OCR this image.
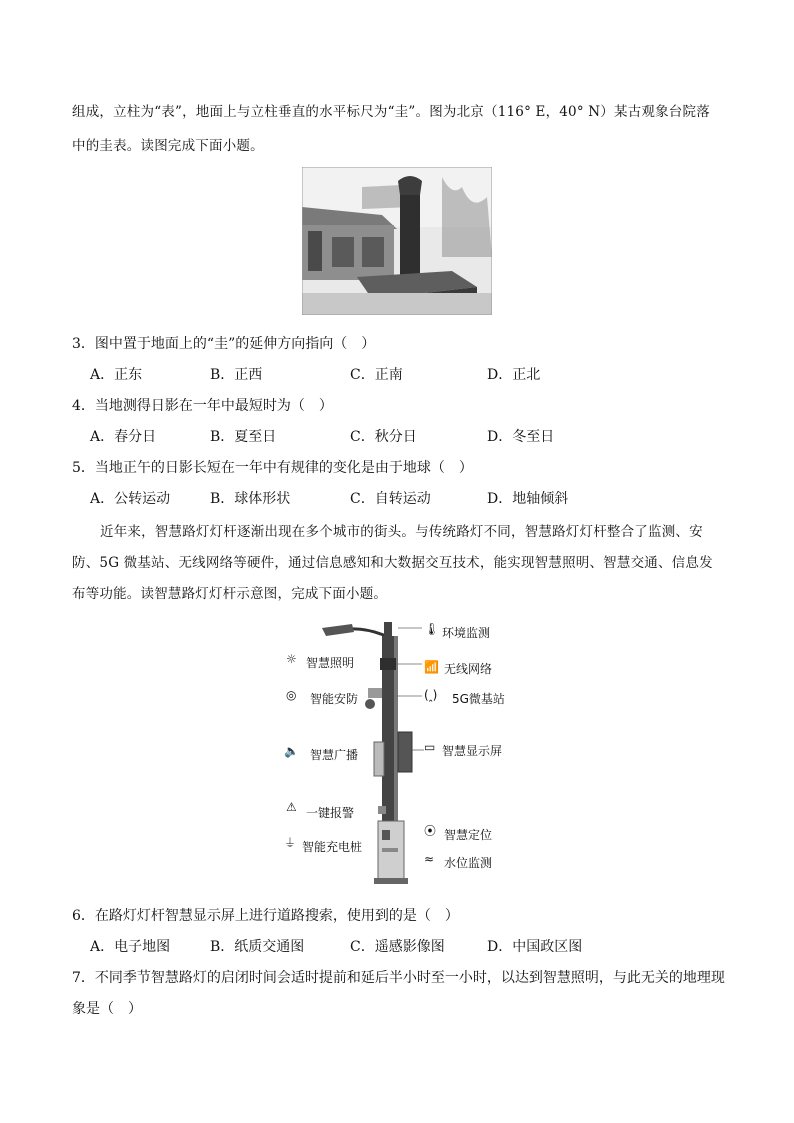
组成，立柱为“表”，地面上与立柱垂直的水平标尺为“圭”。图为北京（116° E，40° N）某古观象台院落
中的圭表。读图完成下面小题。
3．图中置于地面上的“圭”的延伸方向指向（　）
A．正东	B．正西	C．正南	D．正北
4．当地测得日影在一年中最短时为（　）
A．春分日	B．夏至日	C．秋分日	D．冬至日
5．当地正午的日影长短在一年中有规律的变化是由于地球（　）
A．公转运动	B．球体形状	C．自转运动	D．地轴倾斜
近年来，智慧路灯灯杆逐渐出现在多个城市的街头。与传统路灯不同，智慧路灯灯杆整合了监测、安
防、5G 微基站、无线网络等硬件，通过信息感知和大数据交互技术，能实现智慧照明、智慧交通、信息发
布等功能。读智慧路灯灯杆示意图，完成下面小题。
🌡 环境监测
📶 无线网络
(ꞈ) 5G微基站
▭ 智慧显示屏
⦿ 智慧定位
≈ 水位监测
☼ 智慧照明
◎ 智能安防
🔈 智慧广播
⚠ 一键报警
⏚ 智能充电桩
6．在路灯灯杆智慧显示屏上进行道路搜索，使用到的是（　）
A．电子地图	B．纸质交通图	C．遥感影像图	D．中国政区图
7．不同季节智慧路灯的启闭时间会适时提前和延后半小时至一小时，以达到智慧照明，与此无关的地理现
象是（　）
